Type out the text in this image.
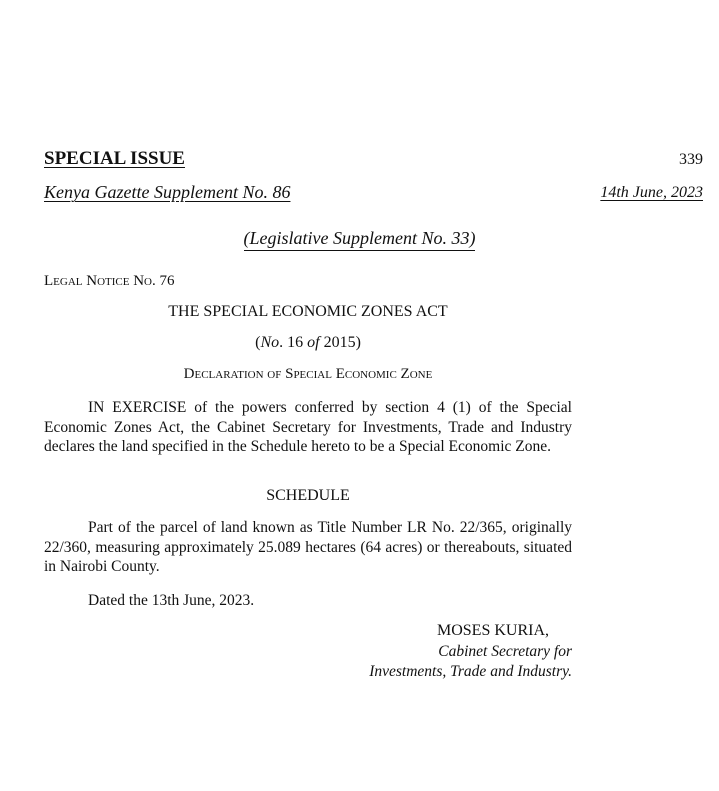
SPECIAL ISSUE	339
Kenya Gazette Supplement No. 86	14th June, 2023
(Legislative Supplement No. 33)
Legal Notice No. 76
THE SPECIAL ECONOMIC ZONES ACT
(No. 16 of 2015)
Declaration of Special Economic Zone
IN EXERCISE of the powers conferred by section 4 (1) of the Special Economic Zones Act, the Cabinet Secretary for Investments, Trade and Industry declares the land specified in the Schedule hereto to be a Special Economic Zone.
SCHEDULE
Part of the parcel of land known as Title Number LR No. 22/365, originally 22/360, measuring approximately 25.089 hectares (64 acres) or thereabouts, situated in Nairobi County.
Dated the 13th June, 2023.
MOSES KURIA,
Cabinet Secretary for
Investments, Trade and Industry.
